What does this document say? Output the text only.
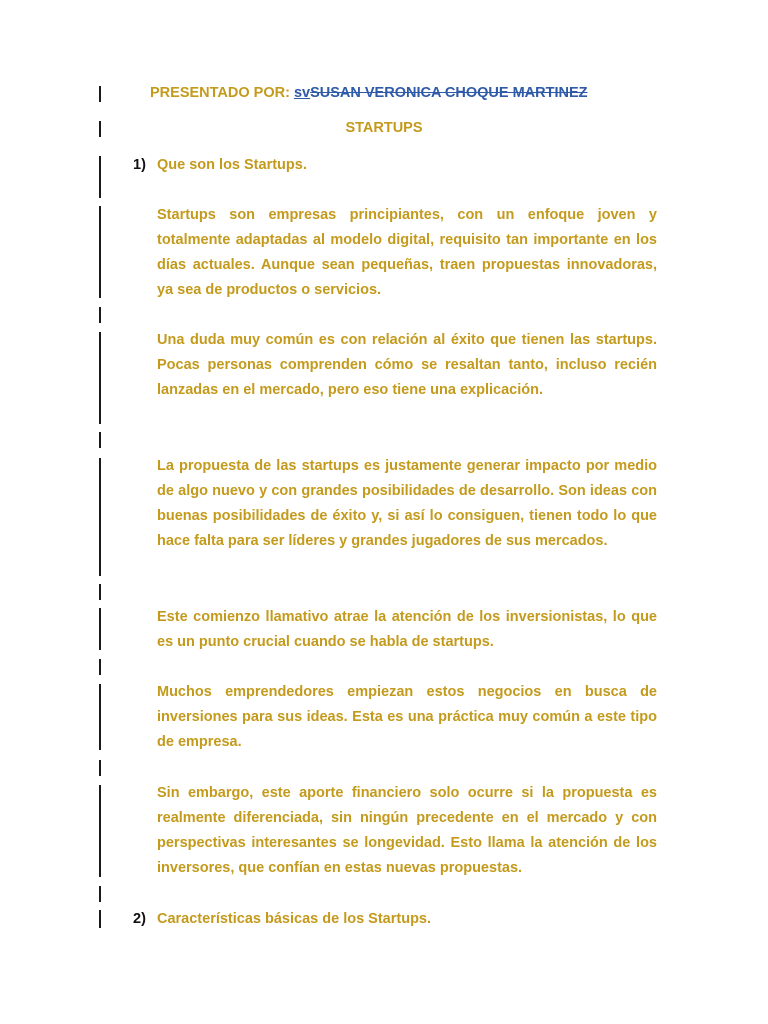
PRESENTADO POR: svSUSAN VERONICA CHOQUE MARTINEZ
STARTUPS
1) Que son los Startups.
Startups son empresas principiantes, con un enfoque joven y totalmente adaptadas al modelo digital, requisito tan importante en los días actuales. Aunque sean pequeñas, traen propuestas innovadoras, ya sea de productos o servicios.
Una duda muy común es con relación al éxito que tienen las startups. Pocas personas comprenden cómo se resaltan tanto, incluso recién lanzadas en el mercado, pero eso tiene una explicación.
La propuesta de las startups es justamente generar impacto por medio de algo nuevo y con grandes posibilidades de desarrollo. Son ideas con buenas posibilidades de éxito y, si así lo consiguen, tienen todo lo que hace falta para ser líderes y grandes jugadores de sus mercados.
Este comienzo llamativo atrae la atención de los inversionistas, lo que es un punto crucial cuando se habla de startups.
Muchos emprendedores empiezan estos negocios en busca de inversiones para sus ideas. Esta es una práctica muy común a este tipo de empresa.
Sin embargo, este aporte financiero solo ocurre si la propuesta es realmente diferenciada, sin ningún precedente en el mercado y con perspectivas interesantes se longevidad. Esto llama la atención de los inversores, que confían en estas nuevas propuestas.
2) Características básicas de los Startups.
